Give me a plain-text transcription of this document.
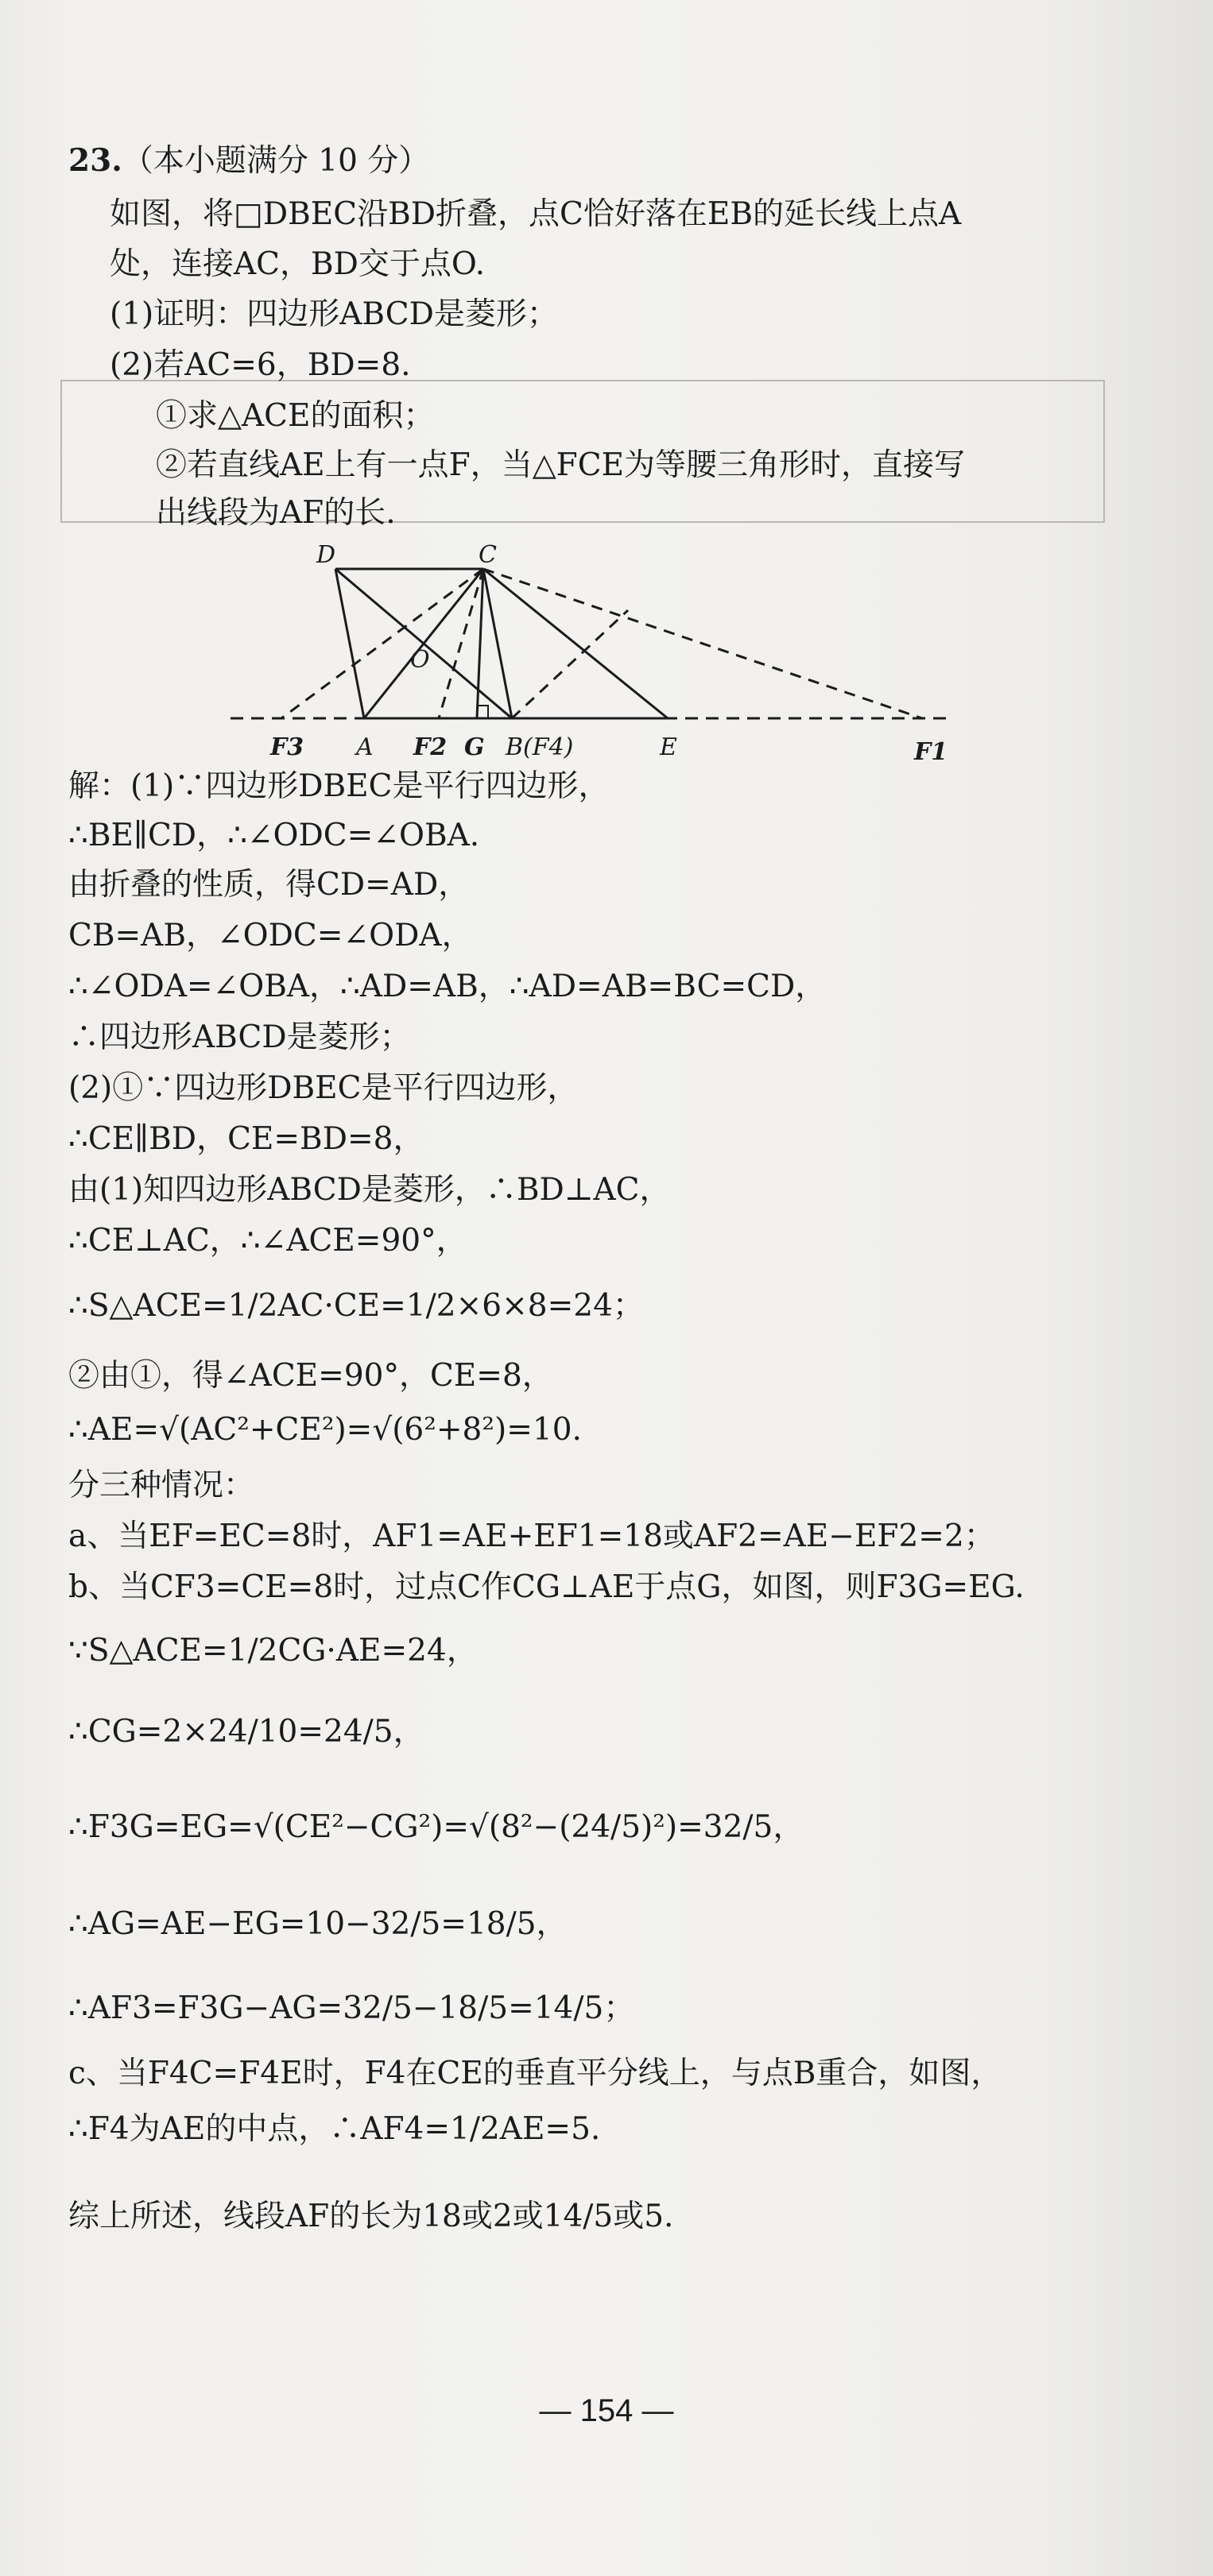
23.（本小题满分 10 分）
如图，将□DBEC沿BD折叠，点C恰好落在EB的延长线上点A
处，连接AC，BD交于点O.
(1)证明：四边形ABCD是菱形；
(2)若AC=6，BD=8.
①求△ACE的面积；
②若直线AE上有一点F，当△FCE为等腰三角形时，直接写
出线段为AF的长.
D	C
O
F3 A F2 G B(F4)	E	F1
解：(1)∵四边形DBEC是平行四边形，
∴BE∥CD，∴∠ODC=∠OBA.
由折叠的性质，得CD=AD，
CB=AB，∠ODC=∠ODA，
∴∠ODA=∠OBA，∴AD=AB，∴AD=AB=BC=CD，
∴四边形ABCD是菱形；
(2)①∵四边形DBEC是平行四边形，
∴CE∥BD，CE=BD=8，
由(1)知四边形ABCD是菱形，∴BD⊥AC，
∴CE⊥AC，∴∠ACE=90°，
∴S△ACE=1/2AC·CE=1/2×6×8=24；
②由①，得∠ACE=90°，CE=8，
∴AE=√(AC²+CE²)=√(6²+8²)=10.
分三种情况：
a、当EF=EC=8时，AF1=AE+EF1=18或AF2=AE−EF2=2；
b、当CF3=CE=8时，过点C作CG⊥AE于点G，如图，则F3G=EG.
∵S△ACE=1/2CG·AE=24，
∴CG=2×24/10=24/5，
∴F3G=EG=√(CE²−CG²)=√(8²−(24/5)²)=32/5，
∴AG=AE−EG=10−32/5=18/5，
∴AF3=F3G−AG=32/5−18/5=14/5；
c、当F4C=F4E时，F4在CE的垂直平分线上，与点B重合，如图，
∴F4为AE的中点，∴AF4=1/2AE=5.
综上所述，线段AF的长为18或2或14/5或5.
— 154 —
